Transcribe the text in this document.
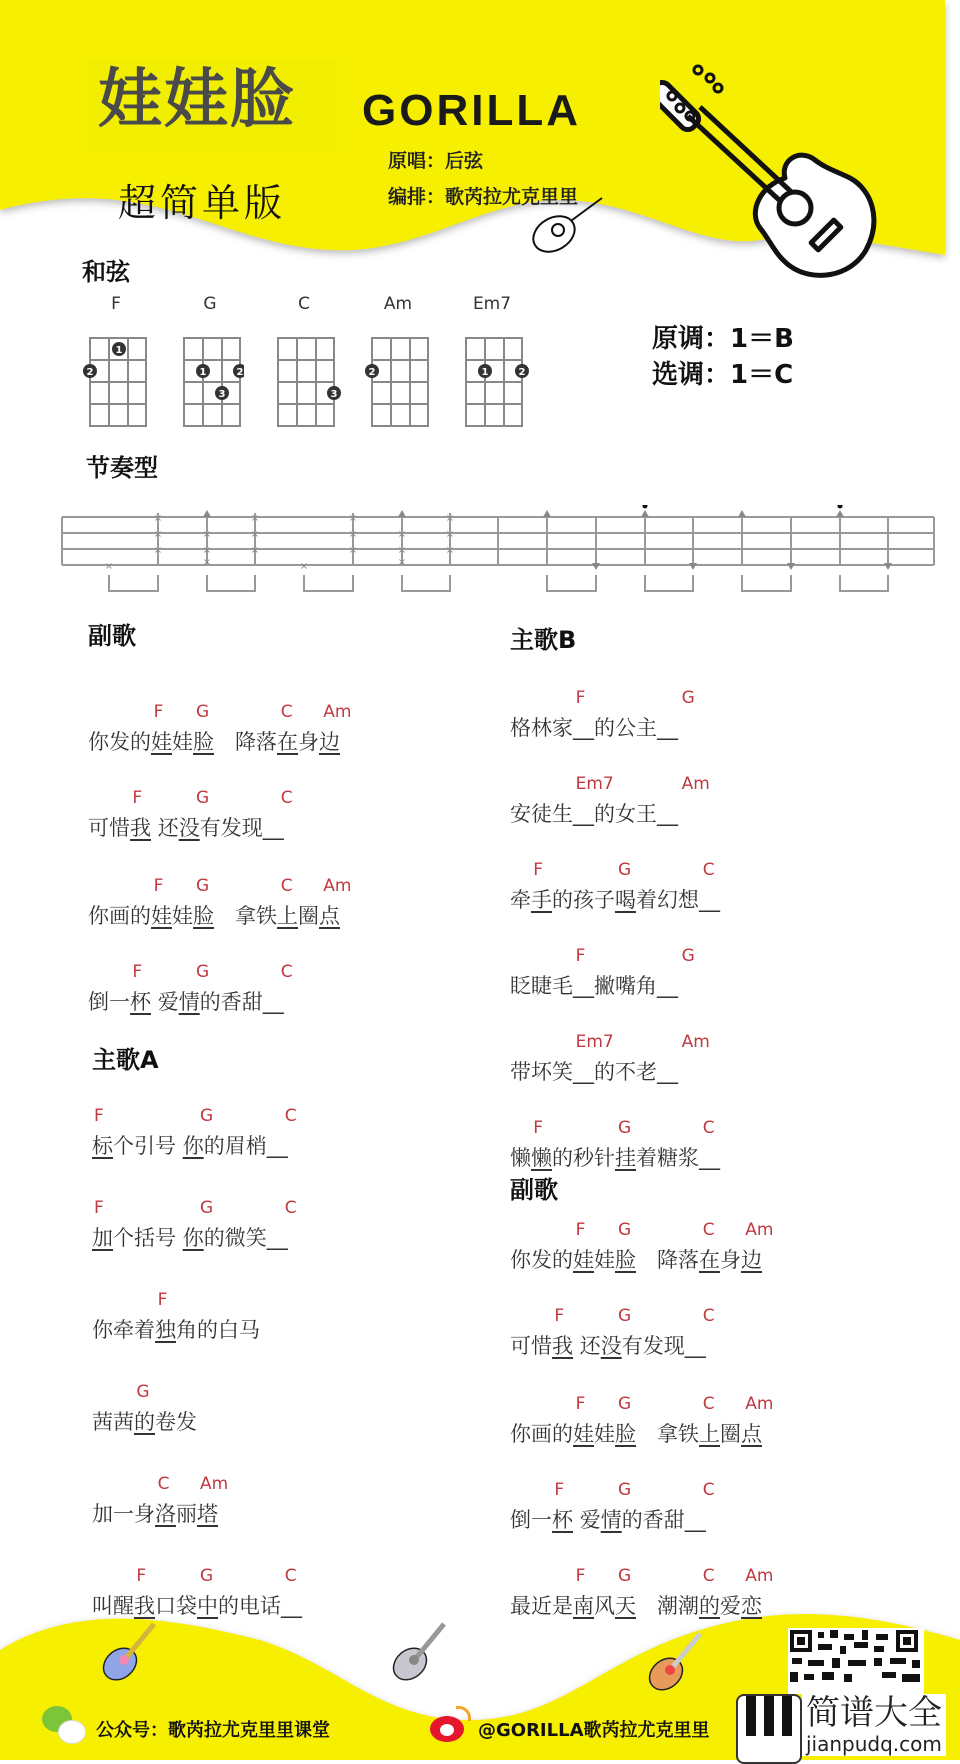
娃娃脸
超简单版
GORILLA
原唱：后弦
编排：歌芮拉尤克里里
和弦
F
1
2
G
1	2
3
C
3
Am
2
Em7
1	2
原调：1＝B
选调：1＝C
节奏型
×	×
×
×
×
×
×
×
×
×
×
×
×
×
×
×
×
×
×
×
副歌
你发的娃娃脸　 降落在身边
F G	C Am
可惜我 还没有发现__
F	G	C
你画的娃娃脸　 拿铁上圈点
F G	C Am
倒一杯 爱情的香甜__
F	G	C
主歌A
标个引号 你的眉梢__
F	G	C
加个括号 你的微笑__
F	G	C
你牵着独角的白马
F
茜茜的卷发
G
加一身洛丽塔
C Am
叫醒我口袋中的电话__
F	G	C
主歌B
格林家__的公主__
F	G
安徒生__的女王__
Em7	Am
牵手的孩子喝着幻想__
F	G	C
眨睫毛__撇嘴角__
F	G
带坏笑__的不老__
Em7	Am
懒懒的秒针挂着糖浆__
F	G	C
副歌
你发的娃娃脸　 降落在身边
F G	C Am
可惜我 还没有发现__
F	G	C
你画的娃娃脸　 拿铁上圈点
F G	C Am
倒一杯 爱情的香甜__
F	G	C
最近是南风天　 潮潮的爱恋
F G	C Am
公众号：歌芮拉尤克里里课堂	@GORILLA歌芮拉尤克里里	简谱大全
jianpudq.com
